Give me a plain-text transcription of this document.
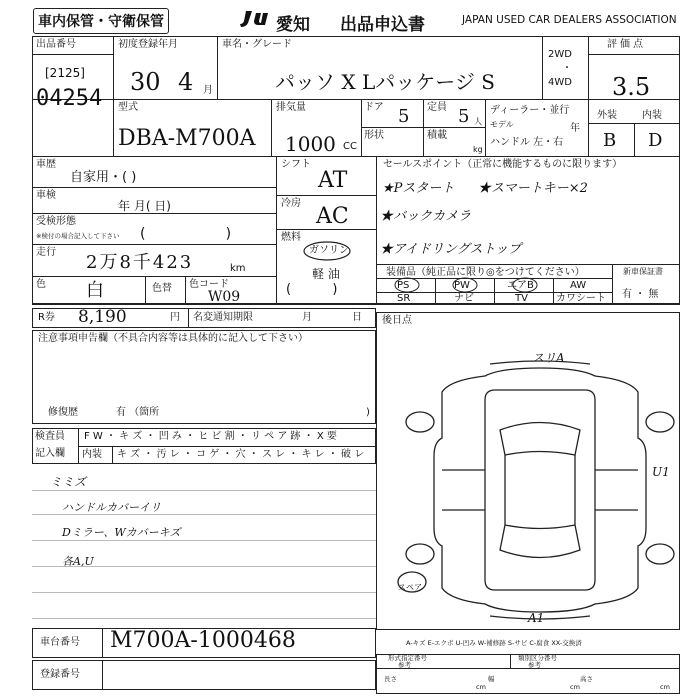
車内保管・守衛保管	愛知 出品申込書	JAPAN USED CAR DEALERS ASSOCIATION
出品番号
[2125]
04254
初度登録年月
30 4 月
車名・グレード
パッソ X Lパッケージ S
2WD
・
4WD
評価点
3.5
外装	内装
B D
型式
DBA-M700A
排気量
1000 CC
ドア 5 定員 5 人
形状	積載
kg
ディーラー・並行
モデル	年
ハンドル 左・右
車歴
自家用・( )
車検
年 月( 日)
受検形態
※検付の場合記入して下さい (                  )
走行 2万8千423	km
色 白	色替 色コード
W09
シフト
AT
冷房
AC
燃料
ガソリン
軽 油
(          )
セールスポイント（正常に機能するものに限ります）
★Pスタート ★スマートキー×2
★バックカメラ
★アイドリングストップ
装備品（純正品に限り◎をつけてください）
PS	PW	エアB	AW
SR	ナビ	TV	カワシート
新車保証書
有 ・ 無
R券 8,190	円 名変通知期限	月	日
注意事項申告欄（不具合内容等は具体的に記入して下さい）
修復歴	有 （箇所	)
検査員
記入欄
F W ・ キ ズ ・ 凹 み ・ ヒ ビ 割 ・ リ ペ ア 跡 ・ X 要
内装 キ ズ ・ 汚 レ ・ コ ゲ ・ 穴 ・ ス レ ・ キ レ ・ 破 レ
ミミズ
ハンドルカバーイリ
Dミラー、Wカバーキズ
各A,U
後日点
スリA
U1
A1
スペア
A-キズ E-エクボ U-凹み W-補修跡 S-サビ C-腐食 XX-交換済
車台番号 M700A-1000468
登録番号
形式指定番号
参考
類別区分番号
参考
長さ
cm
幅
cm
高さ
cm
